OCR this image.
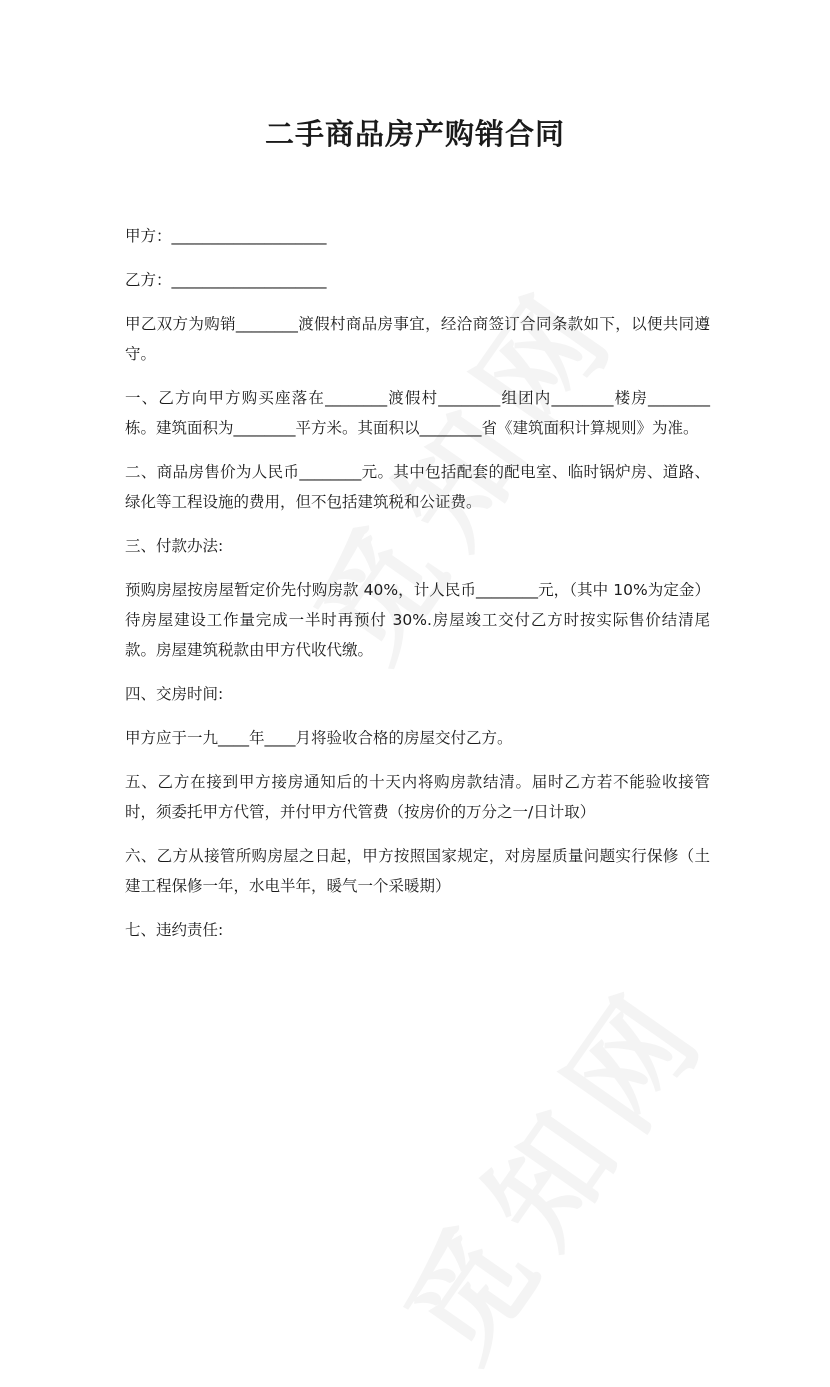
二手商品房产购销合同

甲方：____________________

乙方：____________________

甲乙双方为购销________渡假村商品房事宜，经洽商签订合同条款如下，以便共同遵守。

一、乙方向甲方购买座落在________渡假村________组团内________楼房________栋。建筑面积为________平方米。其面积以________省《建筑面积计算规则》为准。

二、商品房售价为人民币________元。其中包括配套的配电室、临时锅炉房、道路、绿化等工程设施的费用，但不包括建筑税和公证费。

三、付款办法:

预购房屋按房屋暂定价先付购房款 40%，计人民币________元，（其中 10%为定金）待房屋建设工作量完成一半时再预付 30%.房屋竣工交付乙方时按实际售价结清尾款。房屋建筑税款由甲方代收代缴。

四、交房时间:

甲方应于一九____年____月将验收合格的房屋交付乙方。

五、乙方在接到甲方接房通知后的十天内将购房款结清。届时乙方若不能验收接管时，须委托甲方代管，并付甲方代管费（按房价的万分之一/日计取）

六、乙方从接管所购房屋之日起，甲方按照国家规定，对房屋质量问题实行保修（土建工程保修一年，水电半年，暖气一个采暖期）

七、违约责任:
